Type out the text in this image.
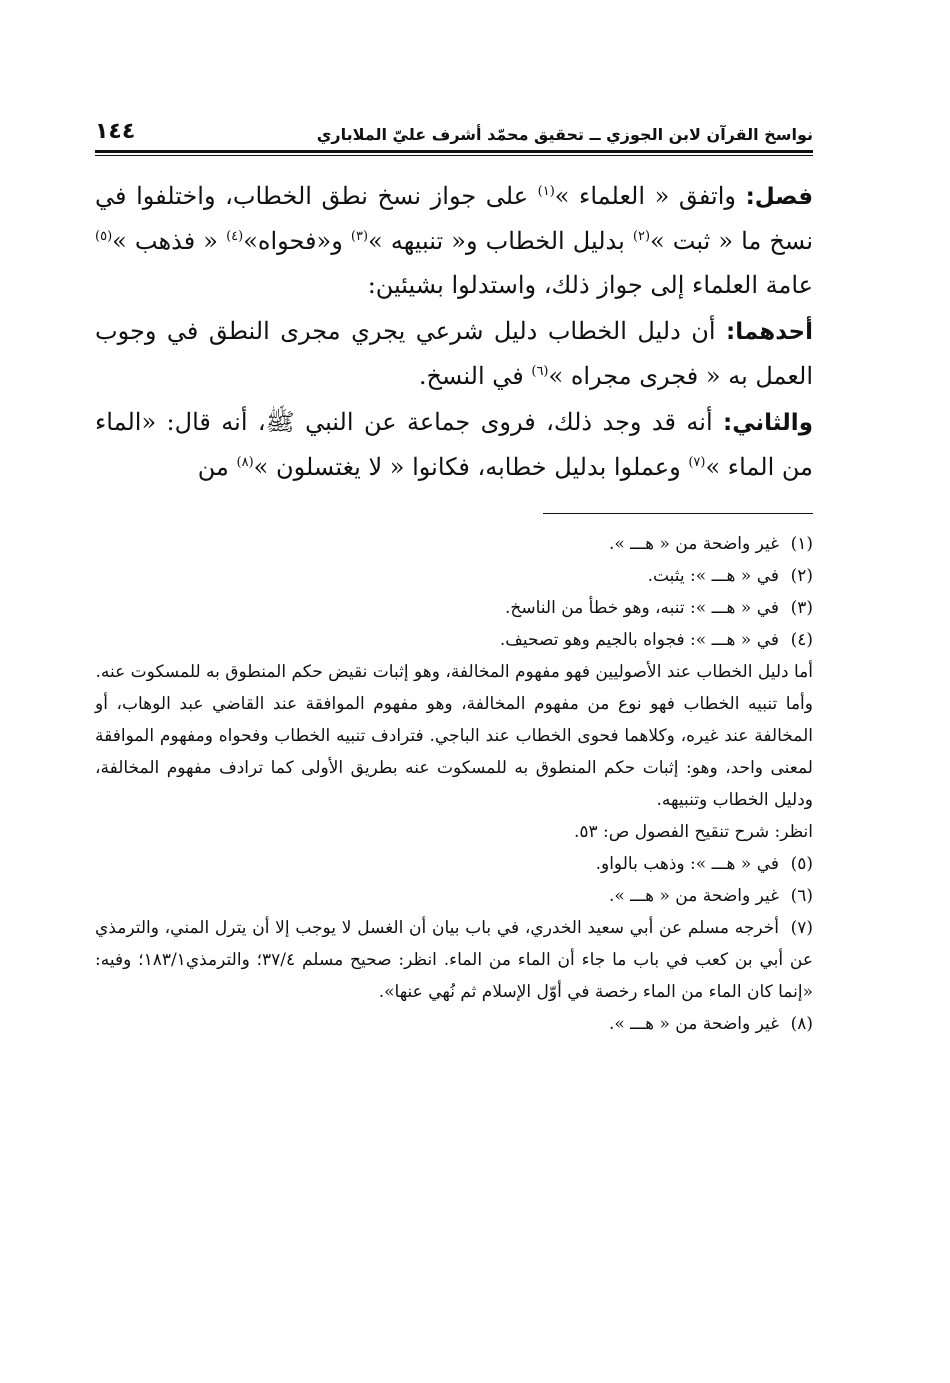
نواسخ القرآن لابن الجوزي ــ تحقيق محمّد أشرف عليّ الملاباري
١٤٤

فصل: واتفق « العلماء »$^{(١)}$ على جواز نسخ نطق الخطاب، واختلفوا في نسخ ما « ثبت »$^{(٢)}$ بدليل الخطاب و« تنبيهه »$^{(٣)}$ و«فحواه»$^{(٤)}$ « فذهب »$^{(٥)}$ عامة العلماء إلى جواز ذلك، واستدلوا بشيئين:

أحدهما: أن دليل الخطاب دليل شرعي يجري مجرى النطق في وجوب العمل به « فجرى مجراه »$^{(٦)}$ في النسخ.

والثاني: أنه قد وجد ذلك، فروى جماعة عن النبي ﷺ، أنه قال: «الماء من الماء »$^{(٧)}$ وعملوا بدليل خطابه، فكانوا « لا يغتسلون »$^{(٨)}$ من

(١)غير واضحة من « هـــ ».

(٢)في « هـــ »: يثبت.

(٣)في « هـــ »: تنبه، وهو خطأ من الناسخ.

(٤)في « هـــ »: فجواه بالجيم وهو تصحيف.

أما دليل الخطاب عند الأصوليين فهو مفهوم المخالفة، وهو إثبات نقيض حكم المنطوق به للمسكوت عنه.

وأما تنبيه الخطاب فهو نوع من مفهوم المخالفة، وهو مفهوم الموافقة عند القاضي عبد الوهاب، أو المخالفة عند غيره، وكلاهما فحوى الخطاب عند الباجي. فترادف تنبيه الخطاب وفحواه ومفهوم الموافقة لمعنى واحد، وهو: إثبات حكم المنطوق به للمسكوت عنه بطريق الأولى كما ترادف مفهوم المخالفة، ودليل الخطاب وتنبيهه.

انظر: شرح تنقيح الفصول ص: ٥٣.

(٥)في « هـــ »: وذهب بالواو.

(٦)غير واضحة من « هـــ ».

(٧)أخرجه مسلم عن أبي سعيد الخدري، في باب بيان أن الغسل لا يوجب إلا أن يترل المني، والترمذي عن أبي بن كعب في باب ما جاء أن الماء من الماء. انظر: صحيح مسلم ٣٧/٤؛ والترمذي١٨٣/١؛ وفيه: «إنما كان الماء من الماء رخصة في أوّل الإسلام ثم نُهي عنها».

(٨)غير واضحة من « هـــ ».
